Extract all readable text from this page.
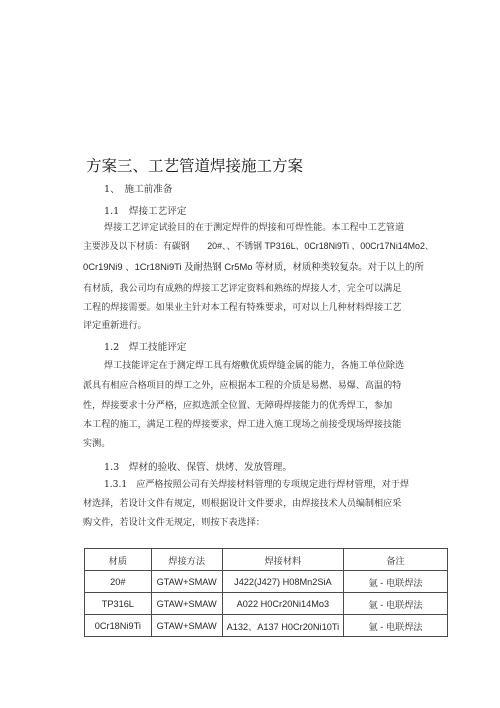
方案三、工艺管道焊接施工方案
1、　施工前准备
1.1　焊接工艺评定
焊接工艺评定试验目的在于测定焊件的焊接和可焊性能。本工程中工艺管道
主要涉及以下材质：有碳钢　　20#、、不锈钢 TP316L、0Cr18Ni9Ti 、00Cr17Ni14Mo2、
0Cr19Ni9 、1Cr18Ni9Ti 及耐热钢 Cr5Mo 等材质，材质种类较复杂。对于以上的所
有材质，我公司均有成熟的焊接工艺评定资料和熟练的焊接人才，完全可以满足
工程的焊接需要。如果业主针对本工程有特殊要求，可对以上几种材料焊接工艺
评定重新进行。
1.2　焊工技能评定
焊工技能评定在于测定焊工具有熔敷优质焊缝金属的能力，各施工单位除选
派具有相应合格项目的焊工之外，应根据本工程的介质是易燃、易爆、高温的特
性，焊接要求十分严格，应拟选派全位置、无障碍焊接能力的优秀焊工，参加
本工程的施工，满足工程的焊接要求，焊工进入施工现场之前接受现场焊接技能
实测。
1.3　焊材的验收、保管、烘烤、发放管理。
1.3.1　应严格按照公司有关焊接材料管理的专项规定进行焊材管理，对于焊
材选择，若设计文件有规定，则根据设计文件要求，由焊接技术人员编制相应采
购文件，若设计文件无规定，则按下表选择：
材质	焊接方法	焊接材料	备注
20#	GTAW+SMAW	J422(J427) H08Mn2SiA	氩 - 电联焊法
TP316L	GTAW+SMAW	A022 H0Cr20Ni14Mo3	氩 - 电联焊法
0Cr18Ni9Ti	GTAW+SMAW	A132、A137 H0Cr20Ni10Ti	氩 - 电联焊法
